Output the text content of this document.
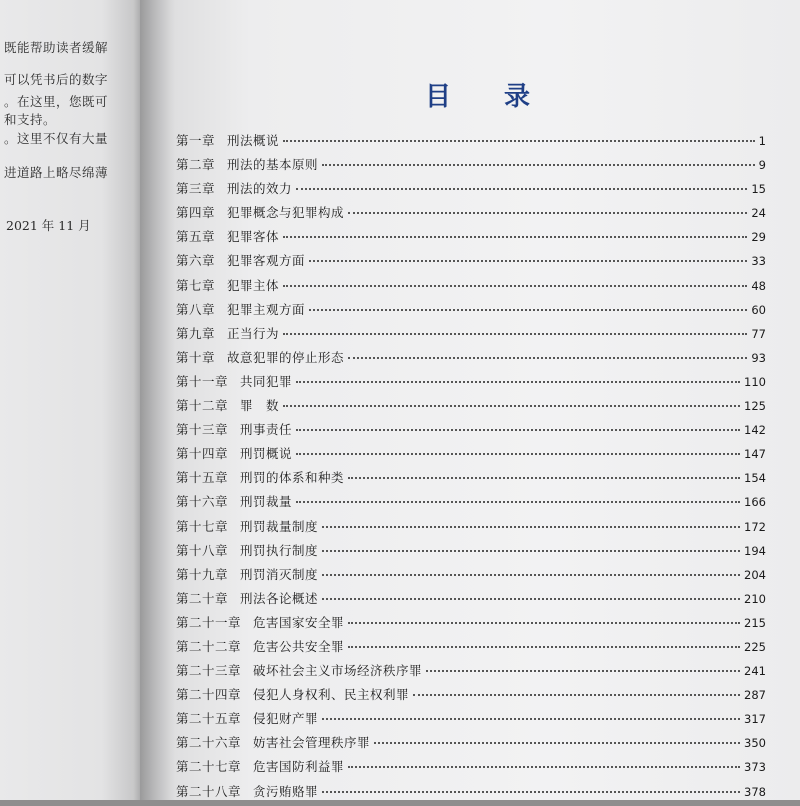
既能帮助读者缓解
可以凭书后的数字
。在这里，您既可
和支持。
。这里不仅有大量
进道路上略尽绵薄
2021 年 11 月
目 录
第一章 刑法概说	1
第二章 刑法的基本原则	9
第三章 刑法的效力	15
第四章 犯罪概念与犯罪构成	24
第五章 犯罪客体	29
第六章 犯罪客观方面	33
第七章 犯罪主体	48
第八章 犯罪主观方面	60
第九章 正当行为	77
第十章 故意犯罪的停止形态	93
第十一章 共同犯罪	110
第十二章 罪　数	125
第十三章 刑事责任	142
第十四章 刑罚概说	147
第十五章 刑罚的体系和种类	154
第十六章 刑罚裁量	166
第十七章 刑罚裁量制度	172
第十八章 刑罚执行制度	194
第十九章 刑罚消灭制度	204
第二十章 刑法各论概述	210
第二十一章 危害国家安全罪	215
第二十二章 危害公共安全罪	225
第二十三章 破坏社会主义市场经济秩序罪	241
第二十四章 侵犯人身权利、民主权利罪	287
第二十五章 侵犯财产罪	317
第二十六章 妨害社会管理秩序罪	350
第二十七章 危害国防利益罪	373
第二十八章 贪污贿赂罪	378
